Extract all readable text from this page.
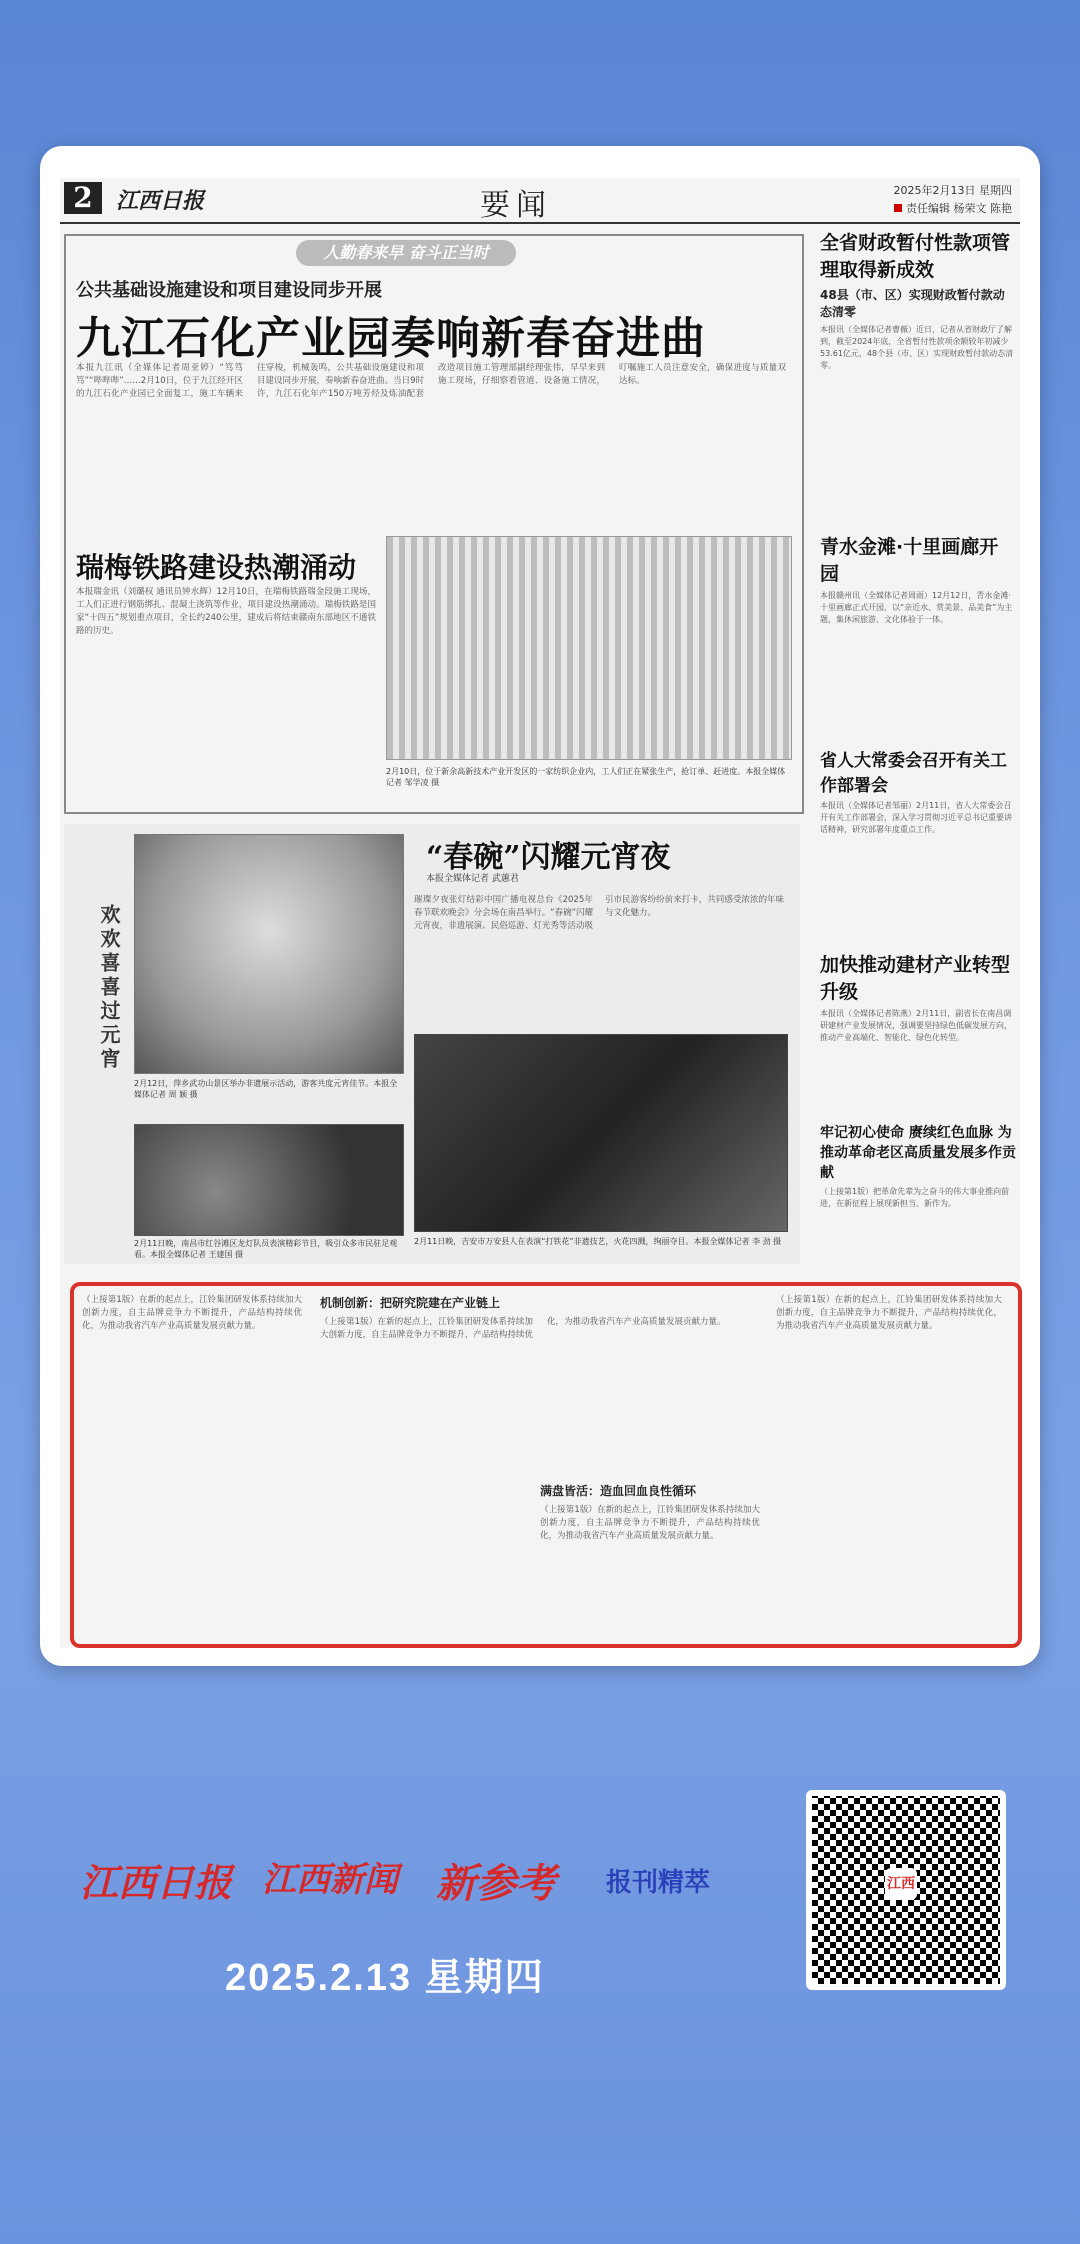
2	江西日报	要闻	2025年2月13日 星期四
责任编辑 杨荣文 陈艳
人勤春来早 奋斗正当时
公共基础设施建设和项目建设同步开展
九江石化产业园奏响新春奋进曲
本报九江讯（全媒体记者周亚婷）“笃笃笃”“哔哔哔”……2月10日，位于九江经开区的九江石化产业园已全面复工，施工车辆来往穿梭，机械轰鸣，公共基础设施建设和项目建设同步开展，奏响新春奋进曲。当日9时许，九江石化年产150万吨芳烃及炼油配套改造项目施工管理部副经理张伟，早早来到施工现场，仔细察看管道、设备施工情况，叮嘱施工人员注意安全，确保进度与质量双达标。
瑞梅铁路建设热潮涌动
本报瑞金讯（刘璐权 通讯员钟水辉）12月10日，在瑞梅铁路瑞金段施工现场，工人们正进行钢筋绑扎、混凝土浇筑等作业，项目建设热潮涌动。瑞梅铁路是国家“十四五”规划重点项目，全长约240公里，建成后将结束赣南东部地区不通铁路的历史。
2月10日，位于新余高新技术产业开发区的一家纺织企业内，工人们正在紧张生产，抢订单、赶进度。本报全媒体记者 邹学凌 摄
欢欢喜喜过元宵
“春碗”闪耀元宵夜
本报全媒体记者 武蕙君
璀璨夕夜张灯结彩中国广播电视总台《2025年春节联欢晚会》分会场在南昌举行。“春碗”闪耀元宵夜，非遗展演、民俗巡游、灯光秀等活动吸引市民游客纷纷前来打卡，共同感受浓浓的年味与文化魅力。
2月12日，萍乡武功山景区举办非遗展示活动，游客共度元宵佳节。本报全媒体记者 周 颖 摄
2月11日晚，南昌市红谷滩区龙灯队员表演精彩节目，吸引众多市民驻足观看。本报全媒体记者 王建国 摄
2月11日晚，吉安市万安县人在表演“打铁花”非遗技艺，火花四溅，绚丽夺目。本报全媒体记者 李 劲 摄
全省财政暂付性款项管理取得新成效
48县（市、区）实现财政暂付款动态清零
本报讯（全媒体记者曹薇）近日，记者从省财政厅了解到，截至2024年底，全省暂付性款项余额较年初减少53.61亿元，48个县（市、区）实现财政暂付款动态清零。
青水金滩·十里画廊开园
本报赣州讯（全媒体记者周雨）12月12日，青水金滩·十里画廊正式开园，以“亲近水、赏美景、品美食”为主题，集休闲旅游、文化体验于一体。
省人大常委会召开有关工作部署会
本报讯（全媒体记者邹丽）2月11日，省人大常委会召开有关工作部署会，深入学习贯彻习近平总书记重要讲话精神，研究部署年度重点工作。
加快推动建材产业转型升级
本报讯（全媒体记者陈燕）2月11日，副省长在南昌调研建材产业发展情况，强调要坚持绿色低碳发展方向，推动产业高端化、智能化、绿色化转型。
牢记初心使命 赓续红色血脉 为推动革命老区高质量发展多作贡献
（上接第1版）把革命先辈为之奋斗的伟大事业推向前进，在新征程上展现新担当、新作为。
（上接第1版）在新的起点上，江铃集团研发体系持续加大创新力度，自主品牌竞争力不断提升，产品结构持续优化，为推动我省汽车产业高质量发展贡献力量。
机制创新：把研究院建在产业链上
（上接第1版）在新的起点上，江铃集团研发体系持续加大创新力度，自主品牌竞争力不断提升，产品结构持续优化，为推动我省汽车产业高质量发展贡献力量。
满盘皆活：造血回血良性循环
（上接第1版）在新的起点上，江铃集团研发体系持续加大创新力度，自主品牌竞争力不断提升，产品结构持续优化，为推动我省汽车产业高质量发展贡献力量。
（上接第1版）在新的起点上，江铃集团研发体系持续加大创新力度，自主品牌竞争力不断提升，产品结构持续优化，为推动我省汽车产业高质量发展贡献力量。
江西日报 江西新闻 新参考 报刊精萃
2025.2.13 星期四
江西
